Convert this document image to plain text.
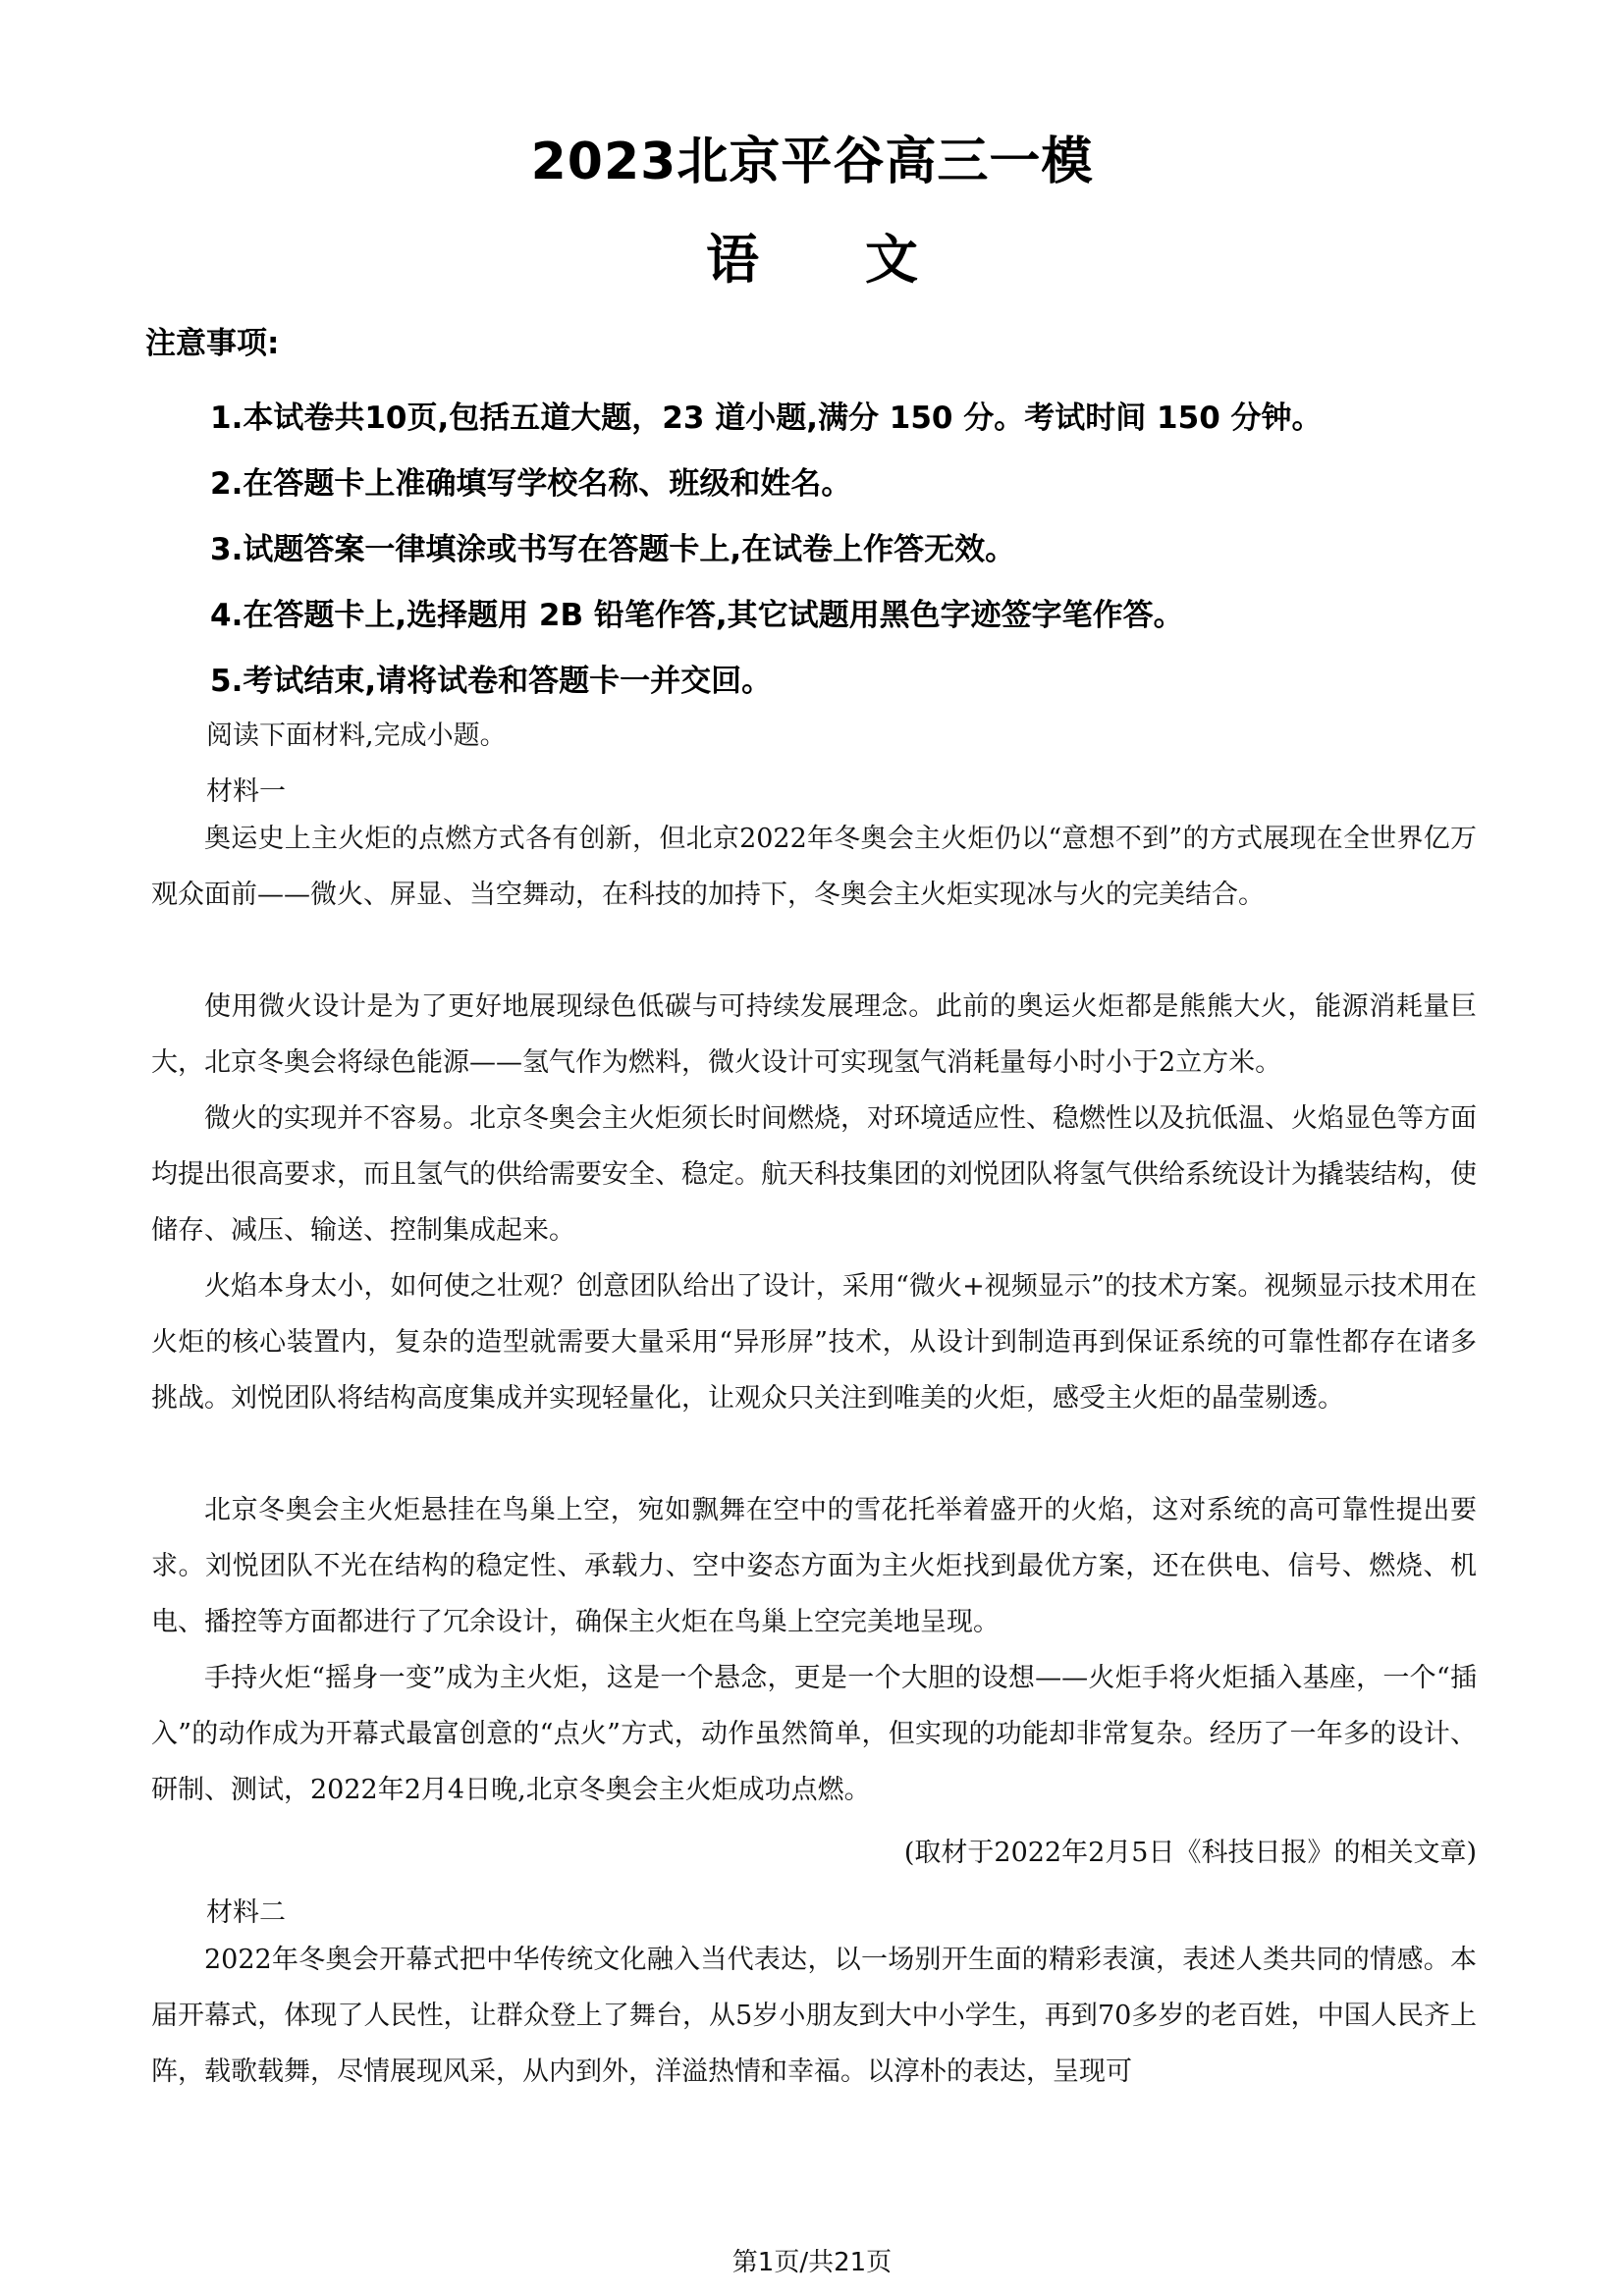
2023北京平谷高三一模
语　　文
注意事项:
1.本试卷共10页,包括五道大题，23 道小题,满分 150 分。考试时间 150 分钟。
2.在答题卡上准确填写学校名称、班级和姓名。
3.试题答案一律填涂或书写在答题卡上,在试卷上作答无效。
4.在答题卡上,选择题用 2B 铅笔作答,其它试题用黑色字迹签字笔作答。
5.考试结束,请将试卷和答题卡一并交回。
阅读下面材料,完成小题。
材料一
奥运史上主火炬的点燃方式各有创新，但北京2022年冬奥会主火炬仍以“意想不到”的方式展现在全世界亿万观众面前——微火、屏显、当空舞动，在科技的加持下，冬奥会主火炬实现冰与火的完美结合。
使用微火设计是为了更好地展现绿色低碳与可持续发展理念。此前的奥运火炬都是熊熊大火，能源消耗量巨大，北京冬奥会将绿色能源——氢气作为燃料，微火设计可实现氢气消耗量每小时小于2立方米。
微火的实现并不容易。北京冬奥会主火炬须长时间燃烧，对环境适应性、稳燃性以及抗低温、火焰显色等方面均提出很高要求，而且氢气的供给需要安全、稳定。航天科技集团的刘悦团队将氢气供给系统设计为撬装结构，使储存、减压、输送、控制集成起来。
火焰本身太小，如何使之壮观？创意团队给出了设计，采用“微火+视频显示”的技术方案。视频显示技术用在火炬的核心装置内，复杂的造型就需要大量采用“异形屏”技术，从设计到制造再到保证系统的可靠性都存在诸多挑战。刘悦团队将结构高度集成并实现轻量化，让观众只关注到唯美的火炬，感受主火炬的晶莹剔透。
北京冬奥会主火炬悬挂在鸟巢上空，宛如飘舞在空中的雪花托举着盛开的火焰，这对系统的高可靠性提出要求。刘悦团队不光在结构的稳定性、承载力、空中姿态方面为主火炬找到最优方案，还在供电、信号、燃烧、机电、播控等方面都进行了冗余设计，确保主火炬在鸟巢上空完美地呈现。
手持火炬“摇身一变”成为主火炬，这是一个悬念，更是一个大胆的设想——火炬手将火炬插入基座，一个“插入”的动作成为开幕式最富创意的“点火”方式，动作虽然简单，但实现的功能却非常复杂。经历了一年多的设计、研制、测试，2022年2月4日晚,北京冬奥会主火炬成功点燃。
(取材于2022年2月5日《科技日报》的相关文章)
材料二
2022年冬奥会开幕式把中华传统文化融入当代表达，以一场别开生面的精彩表演，表述人类共同的情感。本届开幕式，体现了人民性，让群众登上了舞台，从5岁小朋友到大中小学生，再到70多岁的老百姓，中国人民齐上阵，载歌载舞，尽情展现风采，从内到外，洋溢热情和幸福。以淳朴的表达，呈现可
第1页/共21页
